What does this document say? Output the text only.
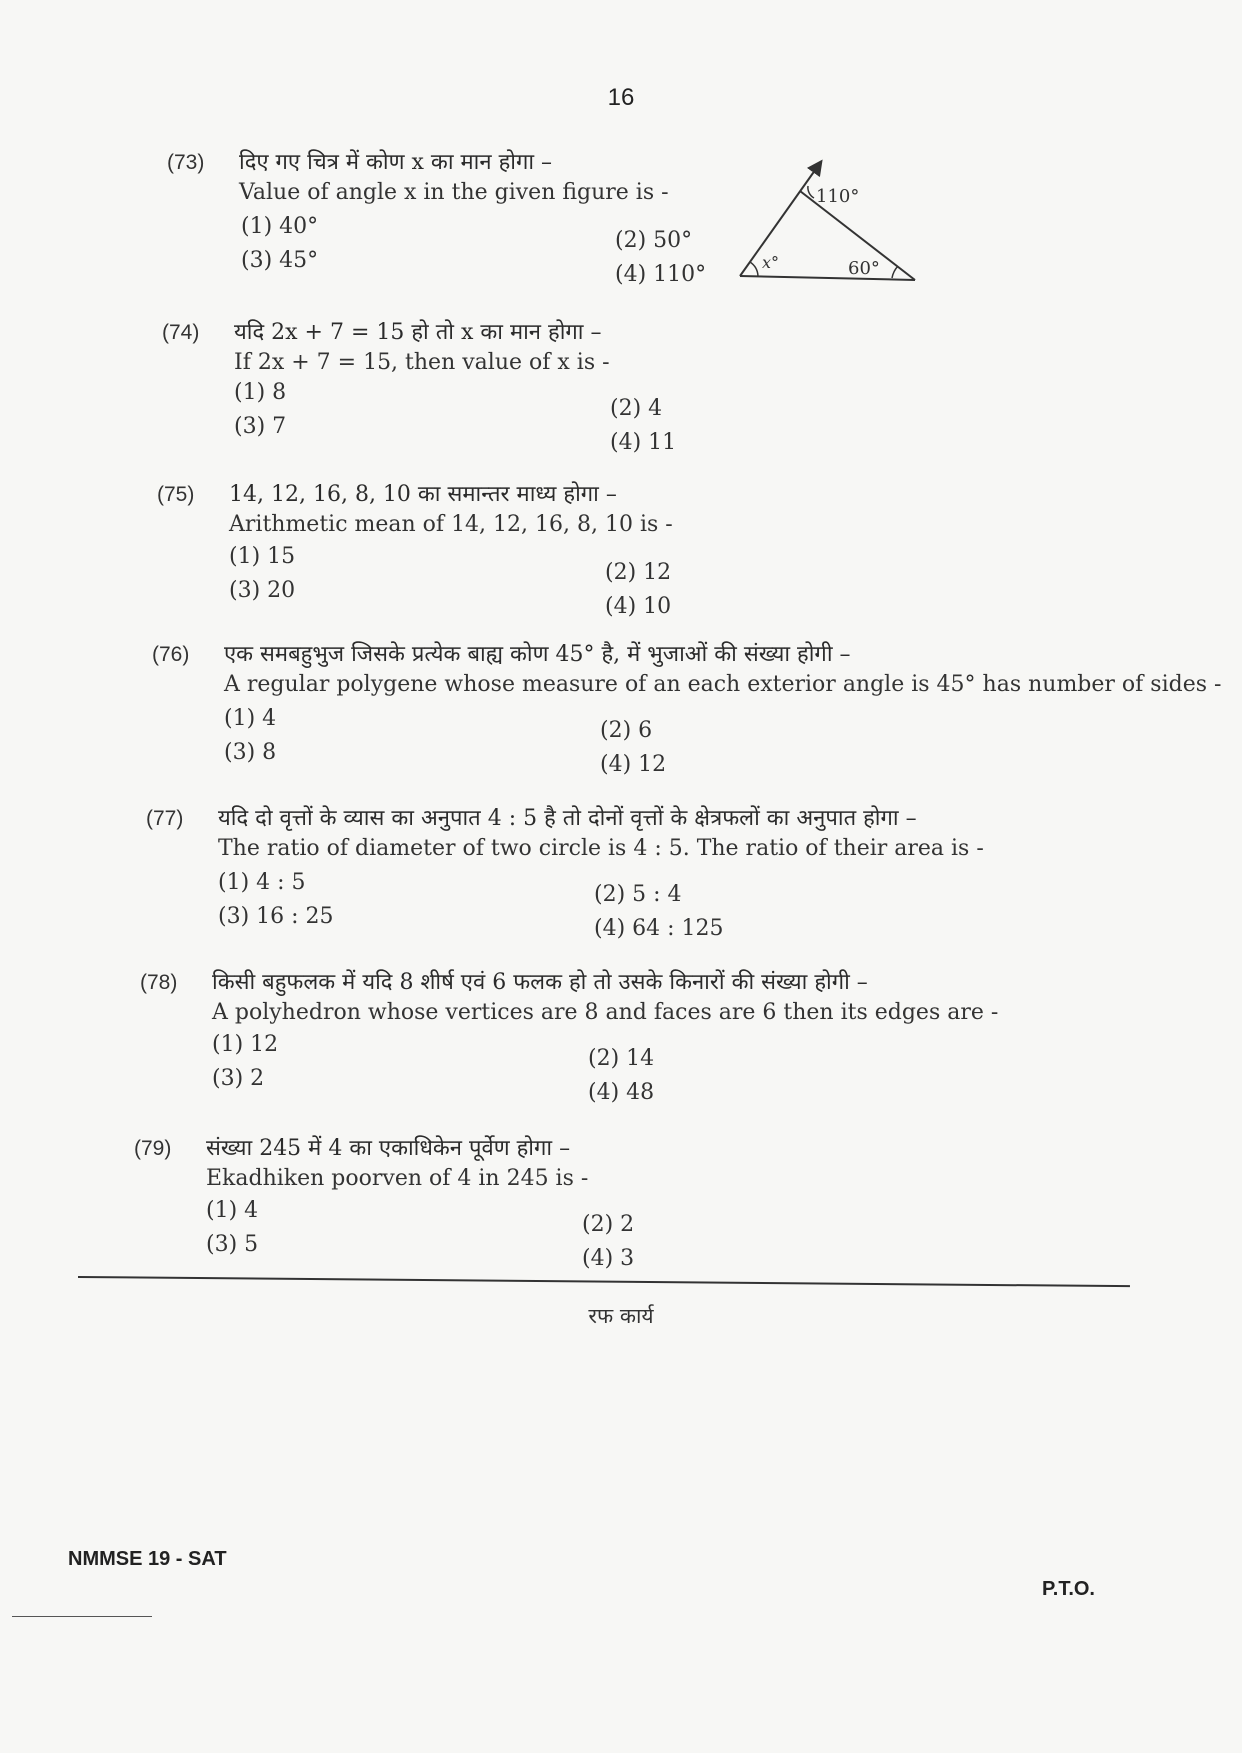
16
(73) दिए गए चित्र में कोण x का मान होगा –
Value of angle x in the given figure is -
(1) 40°
(2) 50°
(3) 45°
(4) 110°
110°
x°	60°
(74) यदि 2x + 7 = 15 हो तो x का मान होगा –
If 2x + 7 = 15, then value of x is -
(1) 8
(2) 4
(3) 7
(4) 11
(75) 14, 12, 16, 8, 10 का समान्तर माध्य होगा –
Arithmetic mean of 14, 12, 16, 8, 10 is -
(1) 15
(2) 12
(3) 20
(4) 10
(76) एक समबहुभुज जिसके प्रत्येक बाह्य कोण 45° है, में भुजाओं की संख्या होगी –
A regular polygene whose measure of an each exterior angle is 45° has number of sides -
(1) 4	(2) 6
(3) 8	(4) 12
(77) यदि दो वृत्तों के व्यास का अनुपात 4 : 5 है तो दोनों वृत्तों के क्षेत्रफलों का अनुपात होगा –
The ratio of diameter of two circle is 4 : 5. The ratio of their area is -
(1) 4 : 5	(2) 5 : 4
(3) 16 : 25	(4) 64 : 125
(78) किसी बहुफलक में यदि 8 शीर्ष एवं 6 फलक हो तो उसके किनारों की संख्या होगी –
A polyhedron whose vertices are 8 and faces are 6 then its edges are -
(1) 12
(2) 14
(3) 2
(4) 48
(79) संख्या 245 में 4 का एकाधिकेन पूर्वेण होगा –
Ekadhiken poorven of 4 in 245 is -
(1) 4
(2) 2
(3) 5
(4) 3
रफ कार्य
NMMSE 19 - SAT
P.T.O.
